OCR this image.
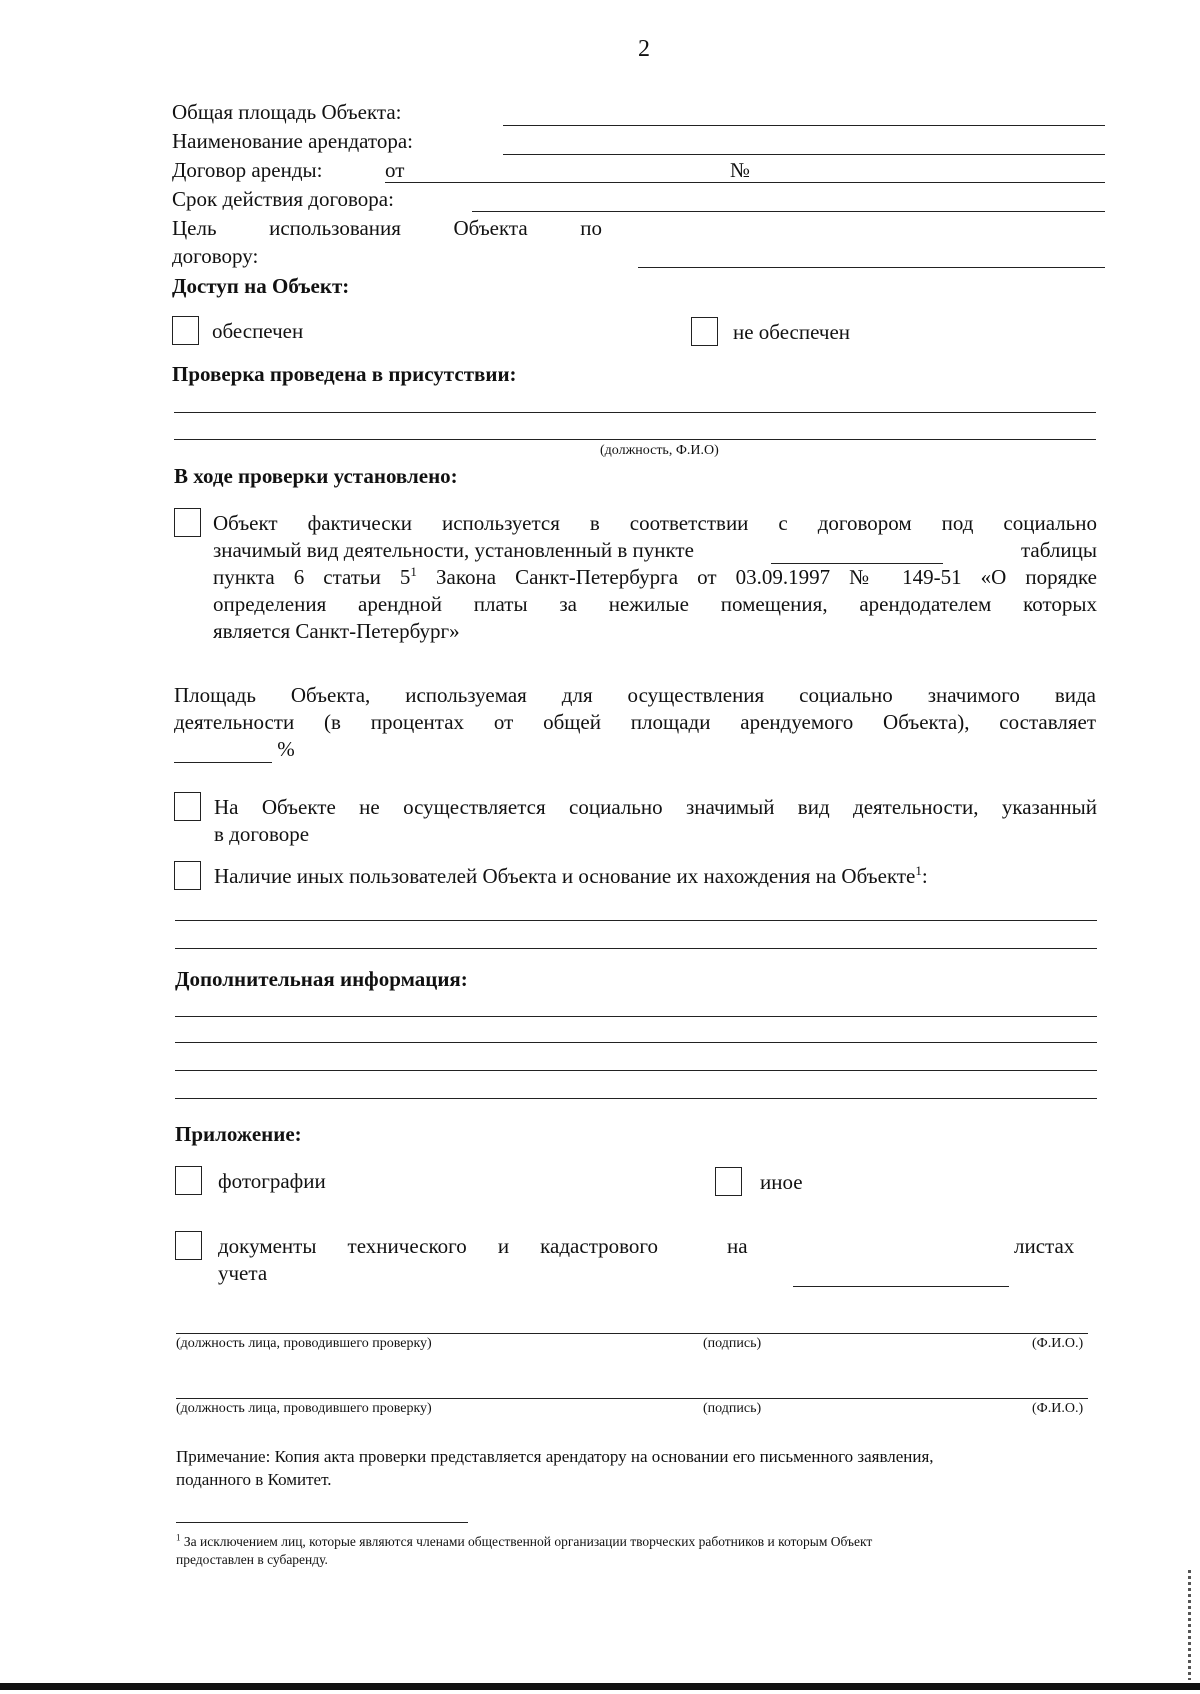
2
Общая площадь Объекта:
Наименование арендатора:
Договор аренды:	от	№
Срок действия договора:
Цель	использования	Объекта	по
договору:
Доступ на Объект:
обеспечен	не обеспечен
Проверка проведена в присутствии:
(должность, Ф.И.О)
В ходе проверки установлено:
Объект фактически используется в соответствии с договором под социально
значимый вид деятельности, установленный в пункте	таблицы
пункта 6 статьи $5^1$ Закона Санкт-Петербурга от 03.09.1997 № 149-51 «О порядке
определения арендной платы за нежилые помещения, арендодателем которых
является Санкт-Петербург»
Площадь Объекта, используемая для осуществления социально значимого вида
деятельности (в процентах от общей площади арендуемого Объекта), составляет
%
На Объекте не осуществляется социально значимый вид деятельности, указанный
в договоре
Наличие иных пользователей Объекта и основание их нахождения на Объекте$^1$:
Дополнительная информация:
Приложение:
фотографии	иное
документы технического и кадастрового
учета
на	листах
(должность лица, проводившего проверку)	(подпись)	(Ф.И.О.)
(должность лица, проводившего проверку)	(подпись)	(Ф.И.О.)
Примечание: Копия акта проверки представляется арендатору на основании его письменного заявления,
поданного в Комитет.
$^1$ За исключением лиц, которые являются членами общественной организации творческих работников и которым Объект
предоставлен в субаренду.
